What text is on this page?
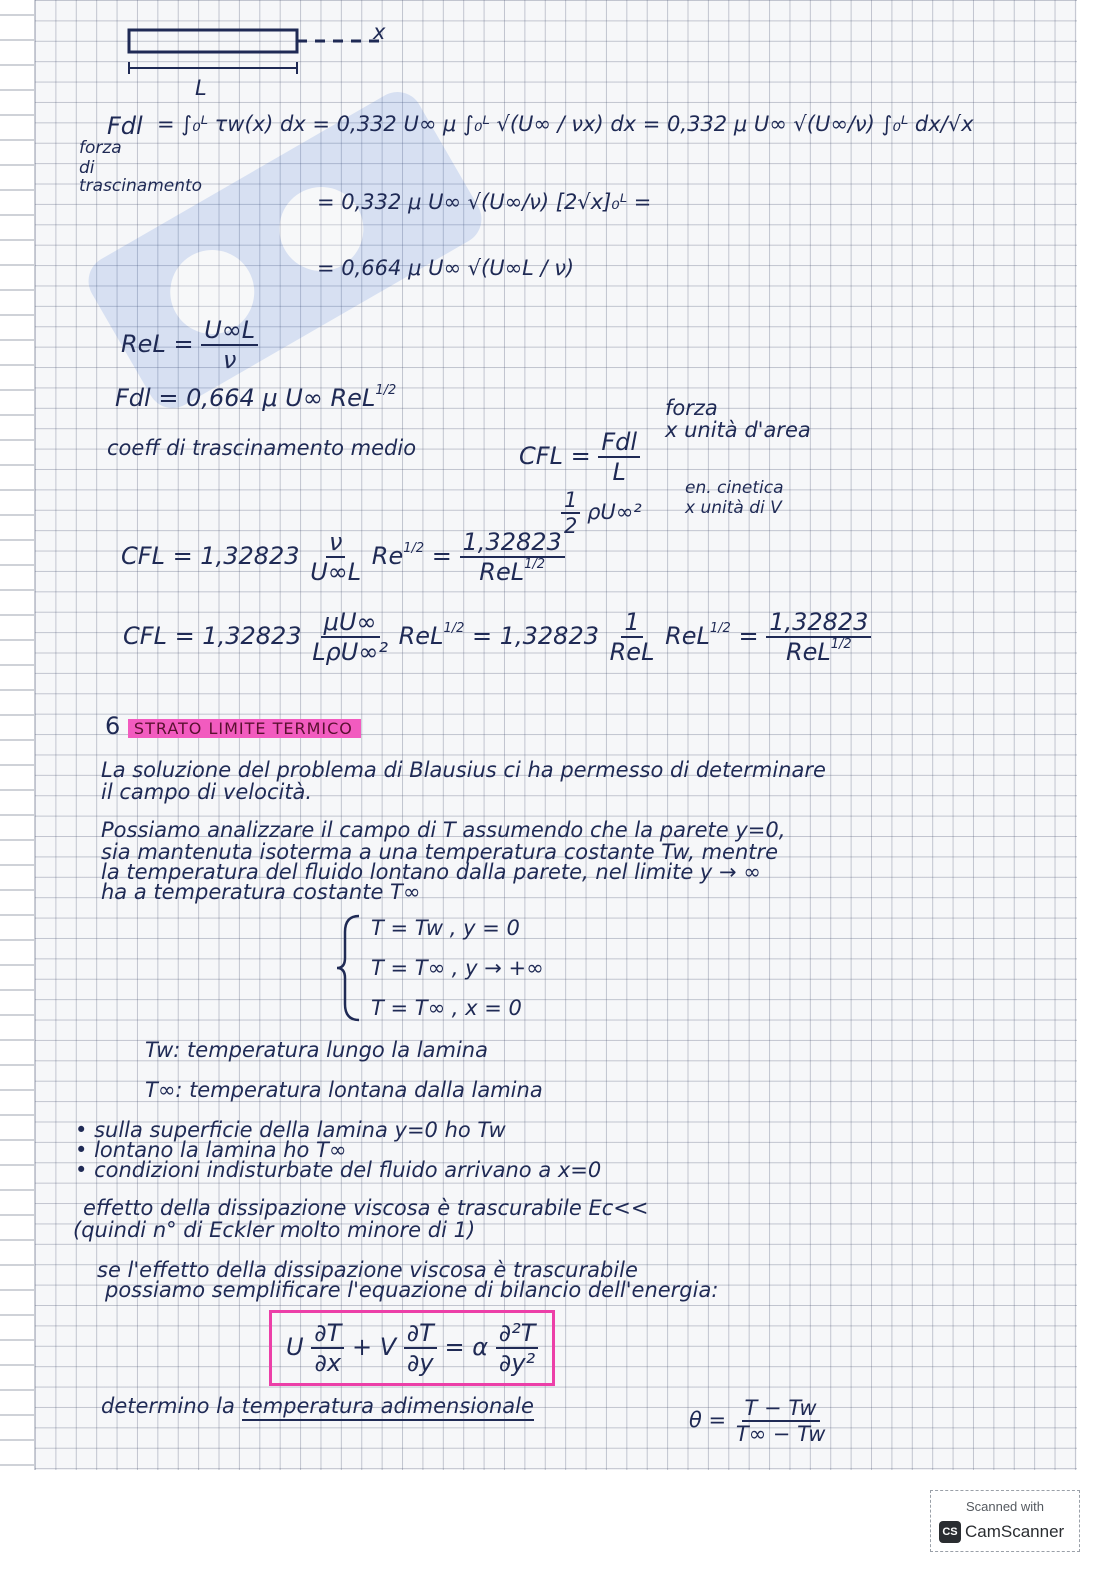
x
L
Fdl
forza
di
trascinamento
= ∫₀ᴸ τw(x) dx = 0,332 U∞ μ ∫₀ᴸ √(U∞ / νx) dx = 0,332 μ U∞ √(U∞/ν) ∫₀ᴸ dx/√x
= 0,332 μ U∞ √(U∞/ν) [2√x]₀ᴸ =
= 0,664 μ U∞ √(U∞L / ν)
ReL = $\frac{U\infty L}{\nu}$
Fdl = 0,664 μ U∞ ReL$^{1/2}$
coeff di trascinamento medio	CFL = $\frac{\text{Fdl}}{L}$
forza
x unità d'area
$\frac{1}{2} \rho U\infty^2$
en. cinetica
x unità di V
CFL = $1,32823 \frac{\nu}{U\infty L} Re^{1/2} = \frac{1,32823}{ReL^{1/2}}$
CFL = $1,32823 \frac{\mu U\infty}{\text{LρU∞²}} ReL^{1/2} = 1,32823 \frac{1}{\text{ReL}} ReL^{1/2} = \frac{1,32823}{ReL^{1/2}}$
6 STRATO LIMITE TERMICO
La soluzione del problema di Blausius ci ha permesso di determinare
il campo di velocità.
Possiamo analizzare il campo di T assumendo che la parete y=0,
sia mantenuta isoterma a una temperatura costante Tw, mentre
la temperatura del fluido lontano dalla parete, nel limite y → ∞
ha a temperatura costante T∞
T = Tw , y = 0
T = T∞ , y → +∞
T = T∞ , x = 0
Tw: temperatura lungo la lamina
T∞: temperatura lontana dalla lamina
• sulla superficie della lamina y=0 ho Tw
• lontano la lamina ho T∞
• condizioni indisturbate del fluido arrivano a x=0
effetto della dissipazione viscosa è trascurabile Ec<<
(quindi n° di Eckler molto minore di 1)
se l'effetto della dissipazione viscosa è trascurabile
possiamo semplificare l'equazione di bilancio dell'energia:
U $\frac{\partial T}{\partial x} + V \frac{\partial T}{\partial y} = \alpha \frac{\text{∂²T}}{\text{∂y²}}$
determino la temperatura adimensionale
$\theta = \frac{T - Tw}{T\infty - Tw}$
Scanned with
CS CamScanner
